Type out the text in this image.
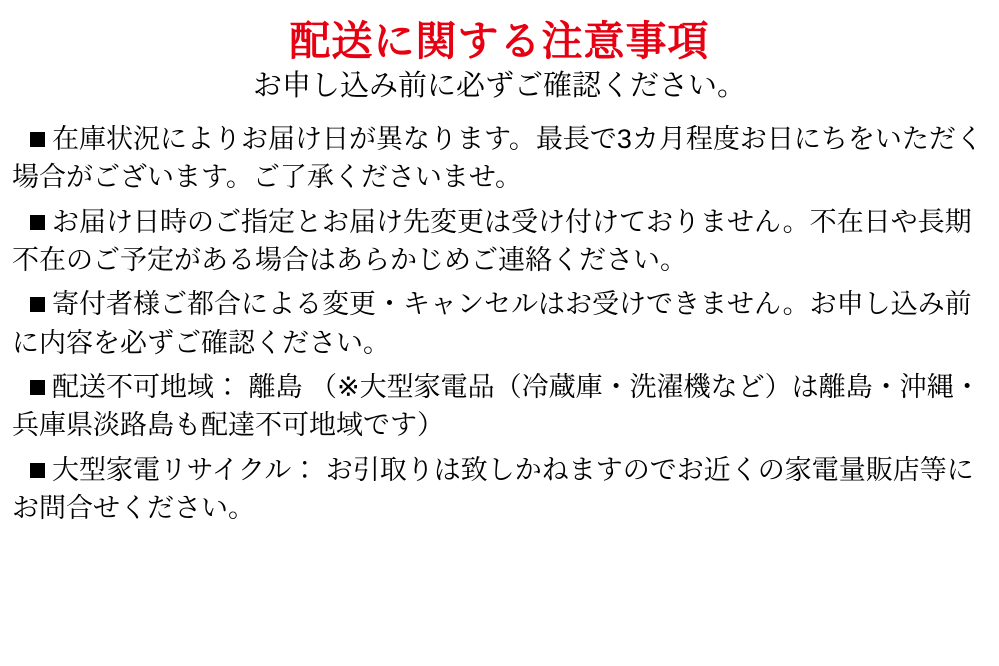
配送に関する注意事項
お申し込み前に必ずご確認ください。
在庫状況によりお届け日が異なります。最長で3カ月程度お日にちをいただく場合がございます。ご了承くださいませ。
お届け日時のご指定とお届け先変更は受け付けておりません。不在日や長期不在のご予定がある場合はあらかじめご連絡ください。
寄付者様ご都合による変更・キャンセルはお受けできません。お申し込み前に内容を必ずご確認ください。
配送不可地域： 離島 （※大型家電品（冷蔵庫・洗濯機など）は離島・沖縄・兵庫県淡路島も配達不可地域です）
大型家電リサイクル： お引取りは致しかねますのでお近くの家電量販店等にお問合せください。
